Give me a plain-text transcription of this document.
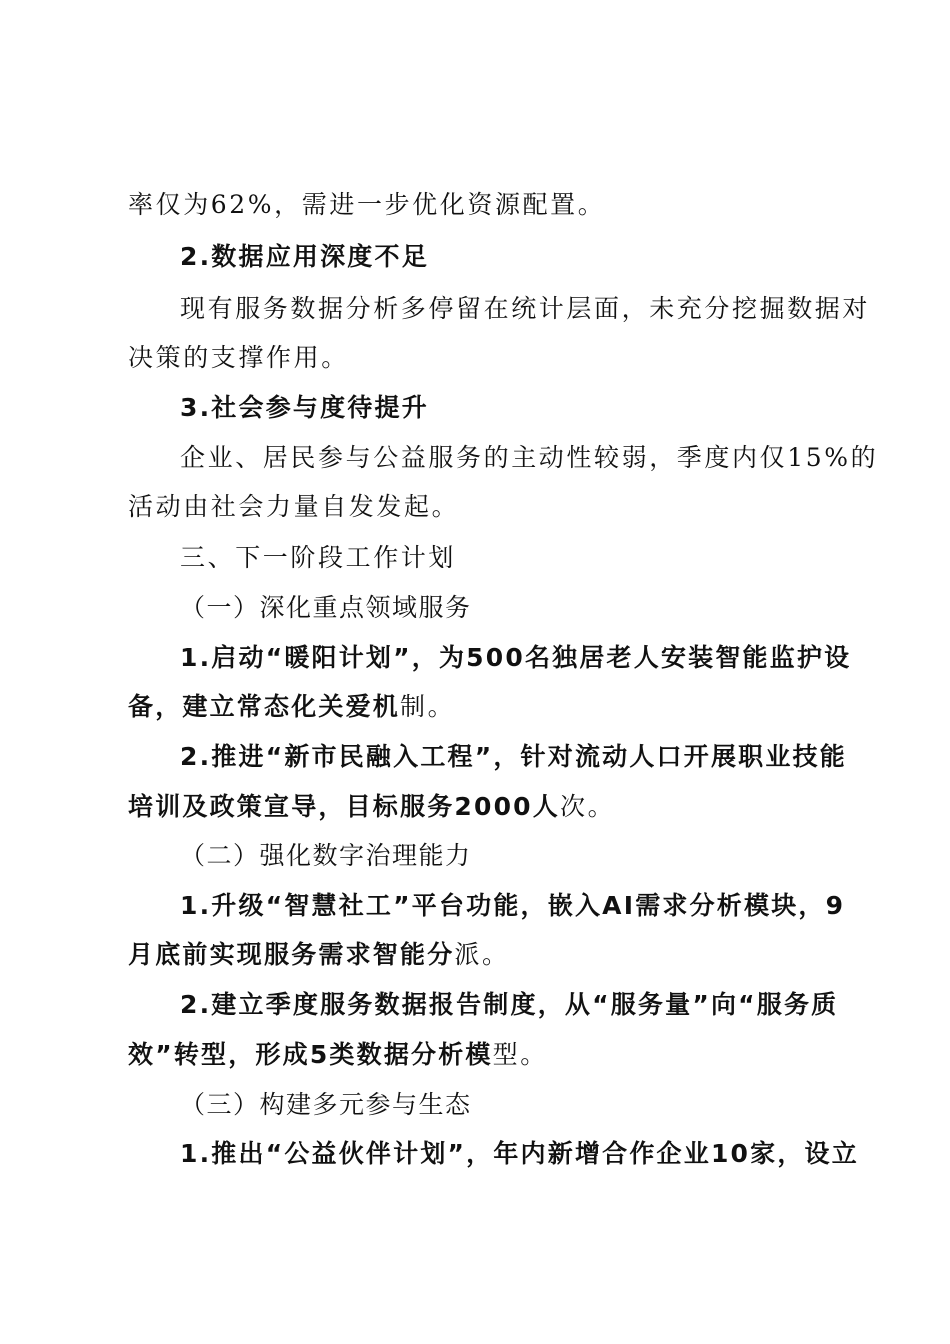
率仅为62%，需进一步优化资源配置。
2.数据应用深度不足
现有服务数据分析多停留在统计层面，未充分挖掘数据对
决策的支撑作用。
3.社会参与度待提升
企业、居民参与公益服务的主动性较弱，季度内仅15%的
活动由社会力量自发发起。
三、下一阶段工作计划
（一）深化重点领域服务
1.启动“暖阳计划”，为500名独居老人安装智能监护设
备，建立常态化关爱机制。
2.推进“新市民融入工程”，针对流动人口开展职业技能
培训及政策宣导，目标服务2000人次。
（二）强化数字治理能力
1.升级“智慧社工”平台功能，嵌入AI需求分析模块，9
月底前实现服务需求智能分派。
2.建立季度服务数据报告制度，从“服务量”向“服务质
效”转型，形成5类数据分析模型。
（三）构建多元参与生态
1.推出“公益伙伴计划”，年内新增合作企业10家，设立
